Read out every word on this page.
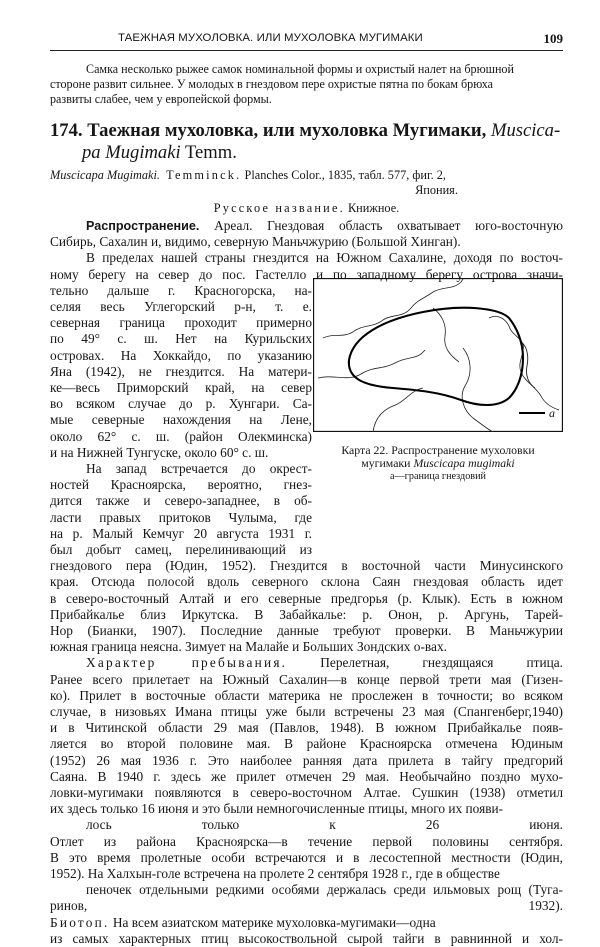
ТАЕЖНАЯ МУХОЛОВКА. ИЛИ МУХОЛОВКА МУГИМАКИ	109
Самка несколько рыжее самок номинальной формы и охристый налет на брюшной
стороне развит сильнее. У молодых в гнездовом пере охристые пятна по бокам брюха
развиты слабее, чем у европейской формы.
174. Таежная мухоловка, или мухоловка Мугимаки, Muscica-
pa Mugimaki Temm.
Muscicapa Mugimaki. Temminck. Planches Color., 1835, табл. 577, фиг. 2,
Япония.
Русское название. Книжное.
Распространение. Ареал. Гнездовая область охватывает юго-восточную
Сибирь, Сахалин и, видимо, северную Маньчжурию (Большой Хинган).
В пределах нашей страны гнездится на Южном Сахалине, доходя по восточ-
ному берегу на север до пос. Гастелло и по западному берегу острова значи-
тельно дальше г. Красногорска, на-
селяя весь Углегорский р-н, т. е.
северная граница проходит примерно
по 49° с. ш. Нет на Курильских
островах. На Хоккайдо, по указанию
Яна (1942), не гнездится. На матери-
ке—весь Приморский край, на север
во всяком случае до р. Хунгари. Са-
мые северные нахождения на Лене,
около 62° с. ш. (район Олекминска)
и на Нижней Тунгуске, около 60° с. ш.
На запад встречается до окрест-
ностей Красноярска, вероятно, гнез-
дится также и северо-западнее, в об-
ласти правых притоков Чулыма, где
на р. Малый Кемчуг 20 августа 1931 г.
был добыт самец, перелинивающий из
гнездового пера (Юдин, 1952). Гнездится в восточной части Минусинского
края. Отсюда полосой вдоль северного склона Саян гнездовая область идет
в северо-восточный Алтай и его северные предгорья (р. Клык). Есть в южном
Прибайкалье близ Иркутска. В Забайкалье: р. Онон, р. Аргунь, Тарей-
Нор (Бианки, 1907). Последние данные требуют проверки. В Маньчжурии
южная граница неясна. Зимует на Малайе и Больших Зондских о-вах.
Характер пребывания. Перелетная, гнездящаяся птица.
Ранее всего прилетает на Южный Сахалин—в конце первой трети мая (Гизен-
ко). Прилет в восточные области материка не прослежен в точности; во всяком
случае, в низовьях Имана птицы уже были встречены 23 мая (Спангенберг,1940)
и в Читинской области 29 мая (Павлов, 1948). В южном Прибайкалье появ-
ляется во второй половине мая. В районе Красноярска отмечена Юдиным
(1952) 26 мая 1936 г. Это наиболее ранняя дата прилета в тайгу предгорий
Саяна. В 1940 г. здесь же прилет отмечен 29 мая. Необычайно поздно мухо-
ловки-мугимаки появляются в северо-восточном Алтае. Сушкин (1938) отметил
их здесь только 16 июня и это были немногочисленные птицы, много их появи-
лось только к 26 июня.
Отлет из района Красноярска—в течение первой половины сентября.
В это время пролетные особи встречаются и в лесостепной местности (Юдин,
1952). На Халхын-голе встречена на пролете 2 сентября 1928 г., где в обществе
пеночек отдельными редкими особями держалась среди ильмовых рощ (Туга-
ринов, 1932).
Биотоп. На всем азиатском материке мухоловка-мугимаки—одна
из самых характерных птиц высокоствольной сырой тайги в равнинной и хол-
a
Карта 22. Распространение мухоловки
мугимаки Muscicapa mugimaki
а—граница гнездовий
